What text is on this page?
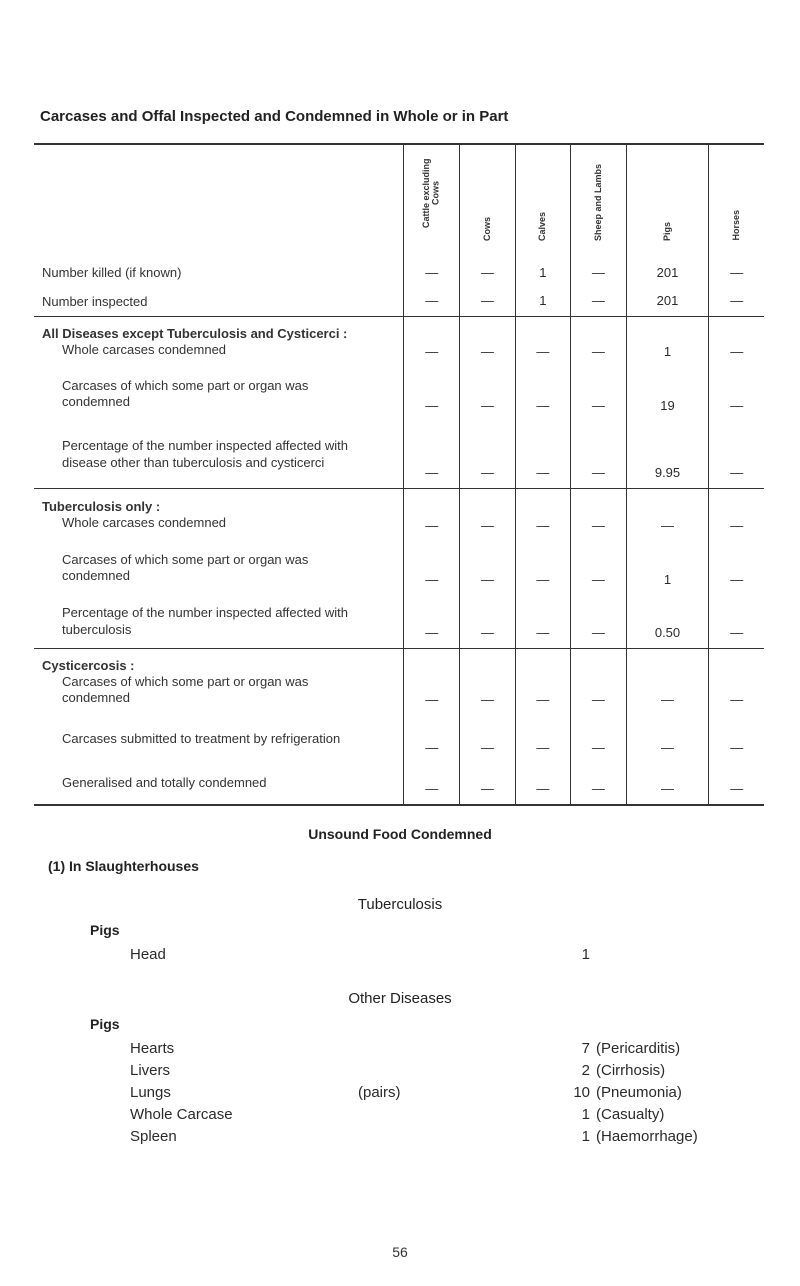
Carcases and Offal Inspected and Condemned in Whole or in Part
	Cattle excluding Cows	Cows	Calves	Sheep and Lambs	Pigs	Horses

Number killed (if known)	—	—	1	—	201	—

Number inspected	—	—	1	—	201	—

All Diseases except Tuberculosis and Cysticerci :
Whole carcases condemned	—	—	—	—	1	—

Carcases of which some part or organ was condemned	—	—	—	—	19	—

Percentage of the number inspected affected with disease other than tuberculosis and cysticerci	—	—	—	—	9.95	—

Tuberculosis only :
Whole carcases condemned	—	—	—	—	—	—

Carcases of which some part or organ was condemned	—	—	—	—	1	—

Percentage of the number inspected affected with tuberculosis	—	—	—	—	0.50	—

Cysticercosis :
Carcases of which some part or organ was condemned	—	—	—	—	—	—

Carcases submitted to treatment by refrigeration	—	—	—	—	—	—

Generalised and totally condemned	—	—	—	—	—	—
Unsound Food Condemned
(1) In Slaughterhouses
Tuberculosis
Pigs
Head	1
Other Diseases
Pigs
Hearts	7 (Pericarditis)
Livers	2 (Cirrhosis)
Lungs	(pairs)	10 (Pneumonia)
Whole Carcase	1 (Casualty)
Spleen	1 (Haemorrhage)
56
